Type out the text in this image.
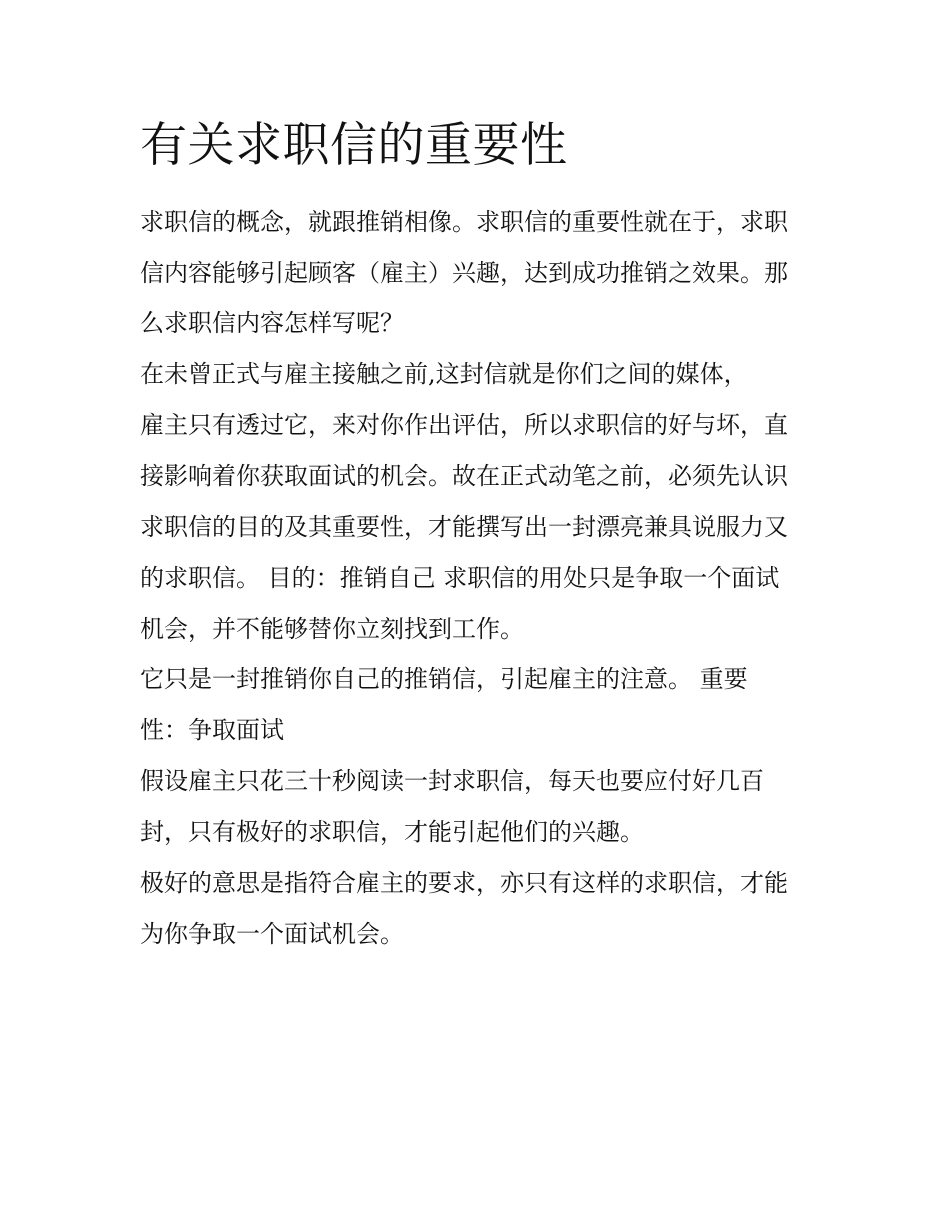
有关求职信的重要性

求职信的概念，就跟推销相像。求职信的重要性就在于，求职

信内容能够引起顾客（雇主）兴趣，达到成功推销之效果。那

么求职信内容怎样写呢？

在未曾正式与雇主接触之前,这封信就是你们之间的媒体，

雇主只有透过它，来对你作出评估，所以求职信的好与坏，直

接影响着你获取面试的机会。故在正式动笔之前，必须先认识

求职信的目的及其重要性，才能撰写出一封漂亮兼具说服力又

的求职信。 目的：推销自己 求职信的用处只是争取一个面试

机会，并不能够替你立刻找到工作。

它只是一封推销你自己的推销信，引起雇主的注意。 重要

性：争取面试

假设雇主只花三十秒阅读一封求职信，每天也要应付好几百

封，只有极好的求职信，才能引起他们的兴趣。

极好的意思是指符合雇主的要求，亦只有这样的求职信，才能

为你争取一个面试机会。
